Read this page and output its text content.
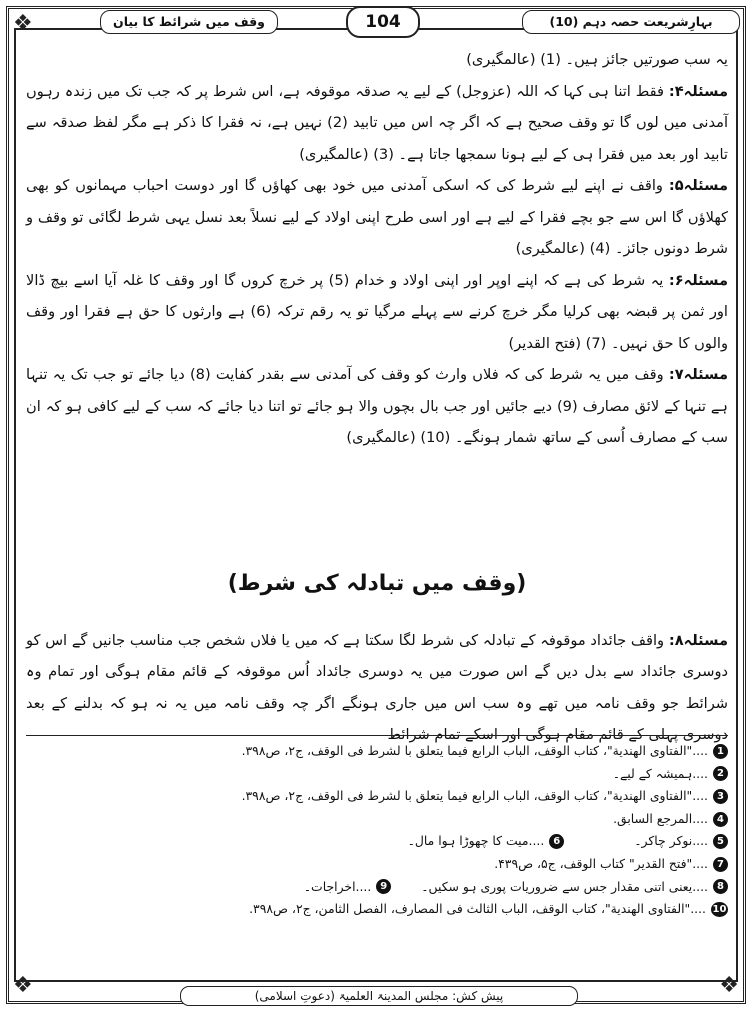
❖
❖	❖
بہارِشریعت حصہ دہم (10)
104
وقف میں شرائط کا بیان

یہ سب صورتیں جائز ہیں۔ (1) (عالمگیری)

مسئلہ۴: فقط اتنا ہی کہا کہ اللہ (عزوجل) کے لیے یہ صدقہ موقوفہ ہے، اس شرط پر کہ جب تک میں زندہ رہوں آمدنی میں لوں گا تو وقف صحیح ہے کہ اگر چہ اس میں تابید (2) نہیں ہے، نہ فقرا کا ذکر ہے مگر لفظ صدقہ سے تابید اور بعد میں فقرا ہی کے لیے ہونا سمجھا جاتا ہے۔ (3) (عالمگیری)

مسئلہ۵: واقف نے اپنے لیے شرط کی کہ اسکی آمدنی میں خود بھی کھاؤں گا اور دوست احباب مہمانوں کو بھی کھلاؤں گا اس سے جو بچے فقرا کے لیے ہے اور اسی طرح اپنی اولاد کے لیے نسلاً بعد نسل یہی شرط لگائی تو وقف و شرط دونوں جائز۔ (4) (عالمگیری)

مسئلہ۶: یہ شرط کی ہے کہ اپنے اوپر اور اپنی اولاد و خدام (5) پر خرچ کروں گا اور وقف کا غلہ آیا اسے بیچ ڈالا اور ثمن پر قبضہ بھی کرلیا مگر خرچ کرنے سے پہلے مرگیا تو یہ رقم ترکہ (6) ہے وارثوں کا حق ہے فقرا اور وقف والوں کا حق نہیں۔ (7) (فتح القدیر)

مسئلہ۷: وقف میں یہ شرط کی کہ فلاں وارث کو وقف کی آمدنی سے بقدر کفایت (8) دیا جائے تو جب تک یہ تنہا ہے تنہا کے لائق مصارف (9) دیے جائیں اور جب بال بچوں والا ہو جائے تو اتنا دیا جائے کہ سب کے لیے کافی ہو کہ ان سب کے مصارف اُسی کے ساتھ شمار ہونگے۔ (10) (عالمگیری)

(وقف میں تبادلہ کی شرط)

مسئلہ۸: واقف جائداد موقوفہ کے تبادلہ کی شرط لگا سکتا ہے کہ میں یا فلاں شخص جب مناسب جانیں گے اس کو دوسری جائداد سے بدل دیں گے اس صورت میں یہ دوسری جائداد اُس موقوفہ کے قائم مقام ہوگی اور تمام وہ شرائط جو وقف نامہ میں تھے وہ سب اس میں جاری ہونگے اگر چہ وقف نامہ میں یہ نہ ہو کہ بدلنے کے بعد دوسری پہلی کے قائم مقام ہوگی اور اسکے تمام شرائط

1
...."الفتاوی الهندية"، کتاب الوقف، الباب الرابع فيما يتعلق با لشرط فی الوقف، ج۲، ص۳۹۸.
2
....ہمیشہ کے لیے۔
3
...."الفتاوی الهندية"، کتاب الوقف، الباب الرابع فيما يتعلق با لشرط فی الوقف، ج۲، ص۳۹۸.
4
....المرجع السابق.
5
....نوکر چاکر۔
6
....میت کا چھوڑا ہوا مال۔
7
...."فتح القدير" کتاب الوقف، ج۵، ص۴۳۹.
8
....یعنی اتنی مقدار جس سے ضروریات پوری ہو سکیں۔
9
....اخراجات۔
10
...."الفتاوی الهندية"، کتاب الوقف، الباب الثالث فی المصارف، الفصل الثامن، ج۲، ص۳۹۸.
پیش کش: مجلس المدینۃ العلمیۃ (دعوتِ اسلامی)
